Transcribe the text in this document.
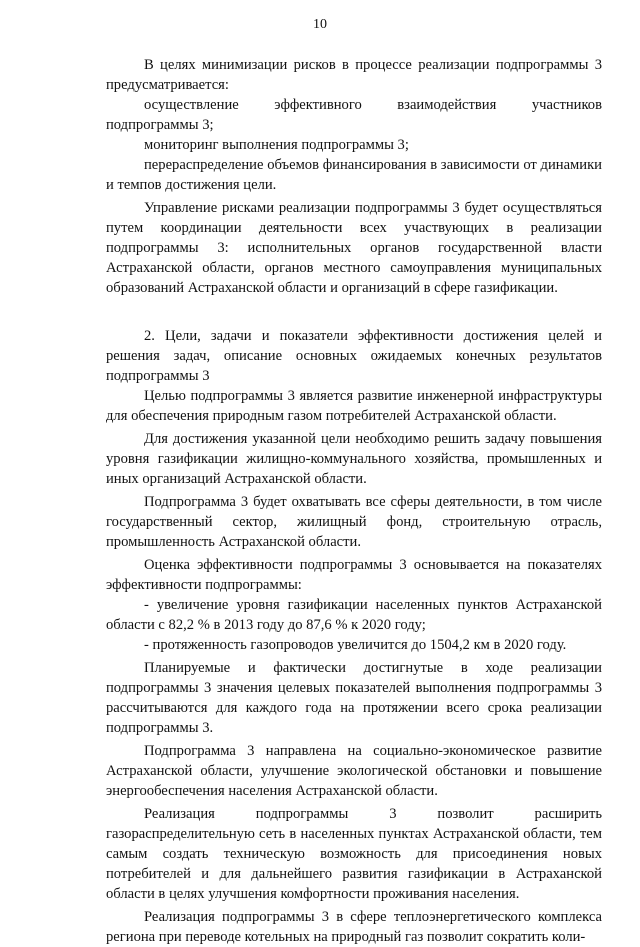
10

В целях минимизации рисков в процессе реализации подпрограммы 3 предусматривается:

осуществление эффективного взаимодействия участников подпрограммы 3;

мониторинг выполнения подпрограммы 3;

перераспределение объемов финансирования в зависимости от динамики и темпов достижения цели.

Управление рисками реализации подпрограммы 3 будет осуществляться путем координации деятельности всех участвующих в реализации подпрограммы 3: исполнительных органов государственной власти Астраханской области, органов местного самоуправления муниципальных образований Астраханской области и организаций в сфере газификации.

2. Цели, задачи и показатели эффективности достижения целей и решения задач, описание основных ожидаемых конечных результатов подпрограммы 3

Целью подпрограммы 3 является развитие инженерной инфраструктуры для обеспечения природным газом потребителей Астраханской области.

Для достижения указанной цели необходимо решить задачу повышения уровня газификации жилищно-коммунального хозяйства, промышленных и иных организаций Астраханской области.

Подпрограмма 3 будет охватывать все сферы деятельности, в том числе государственный сектор, жилищный фонд, строительную отрасль, промышленность Астраханской области.

Оценка эффективности подпрограммы 3 основывается на показателях эффективности подпрограммы:

- увеличение уровня газификации населенных пунктов Астраханской области с 82,2 % в 2013 году до 87,6 % к 2020 году;

- протяженность газопроводов увеличится до 1504,2 км в 2020 году.

Планируемые и фактически достигнутые в ходе реализации подпрограммы 3 значения целевых показателей выполнения подпрограммы 3 рассчитываются для каждого года на протяжении всего срока реализации подпрограммы 3.

Подпрограмма 3 направлена на социально-экономическое развитие Астраханской области, улучшение экологической обстановки и повышение энергообеспечения населения Астраханской области.

Реализация подпрограммы 3 позволит расширить газораспределительную сеть в населенных пунктах Астраханской области, тем самым создать техническую возможность для присоединения новых потребителей и для дальнейшего развития газификации в Астраханской области в целях улучшения комфортности проживания населения.

Реализация подпрограммы 3 в сфере теплоэнергетического комплекса региона при переводе котельных на природный газ позволит сократить коли-
